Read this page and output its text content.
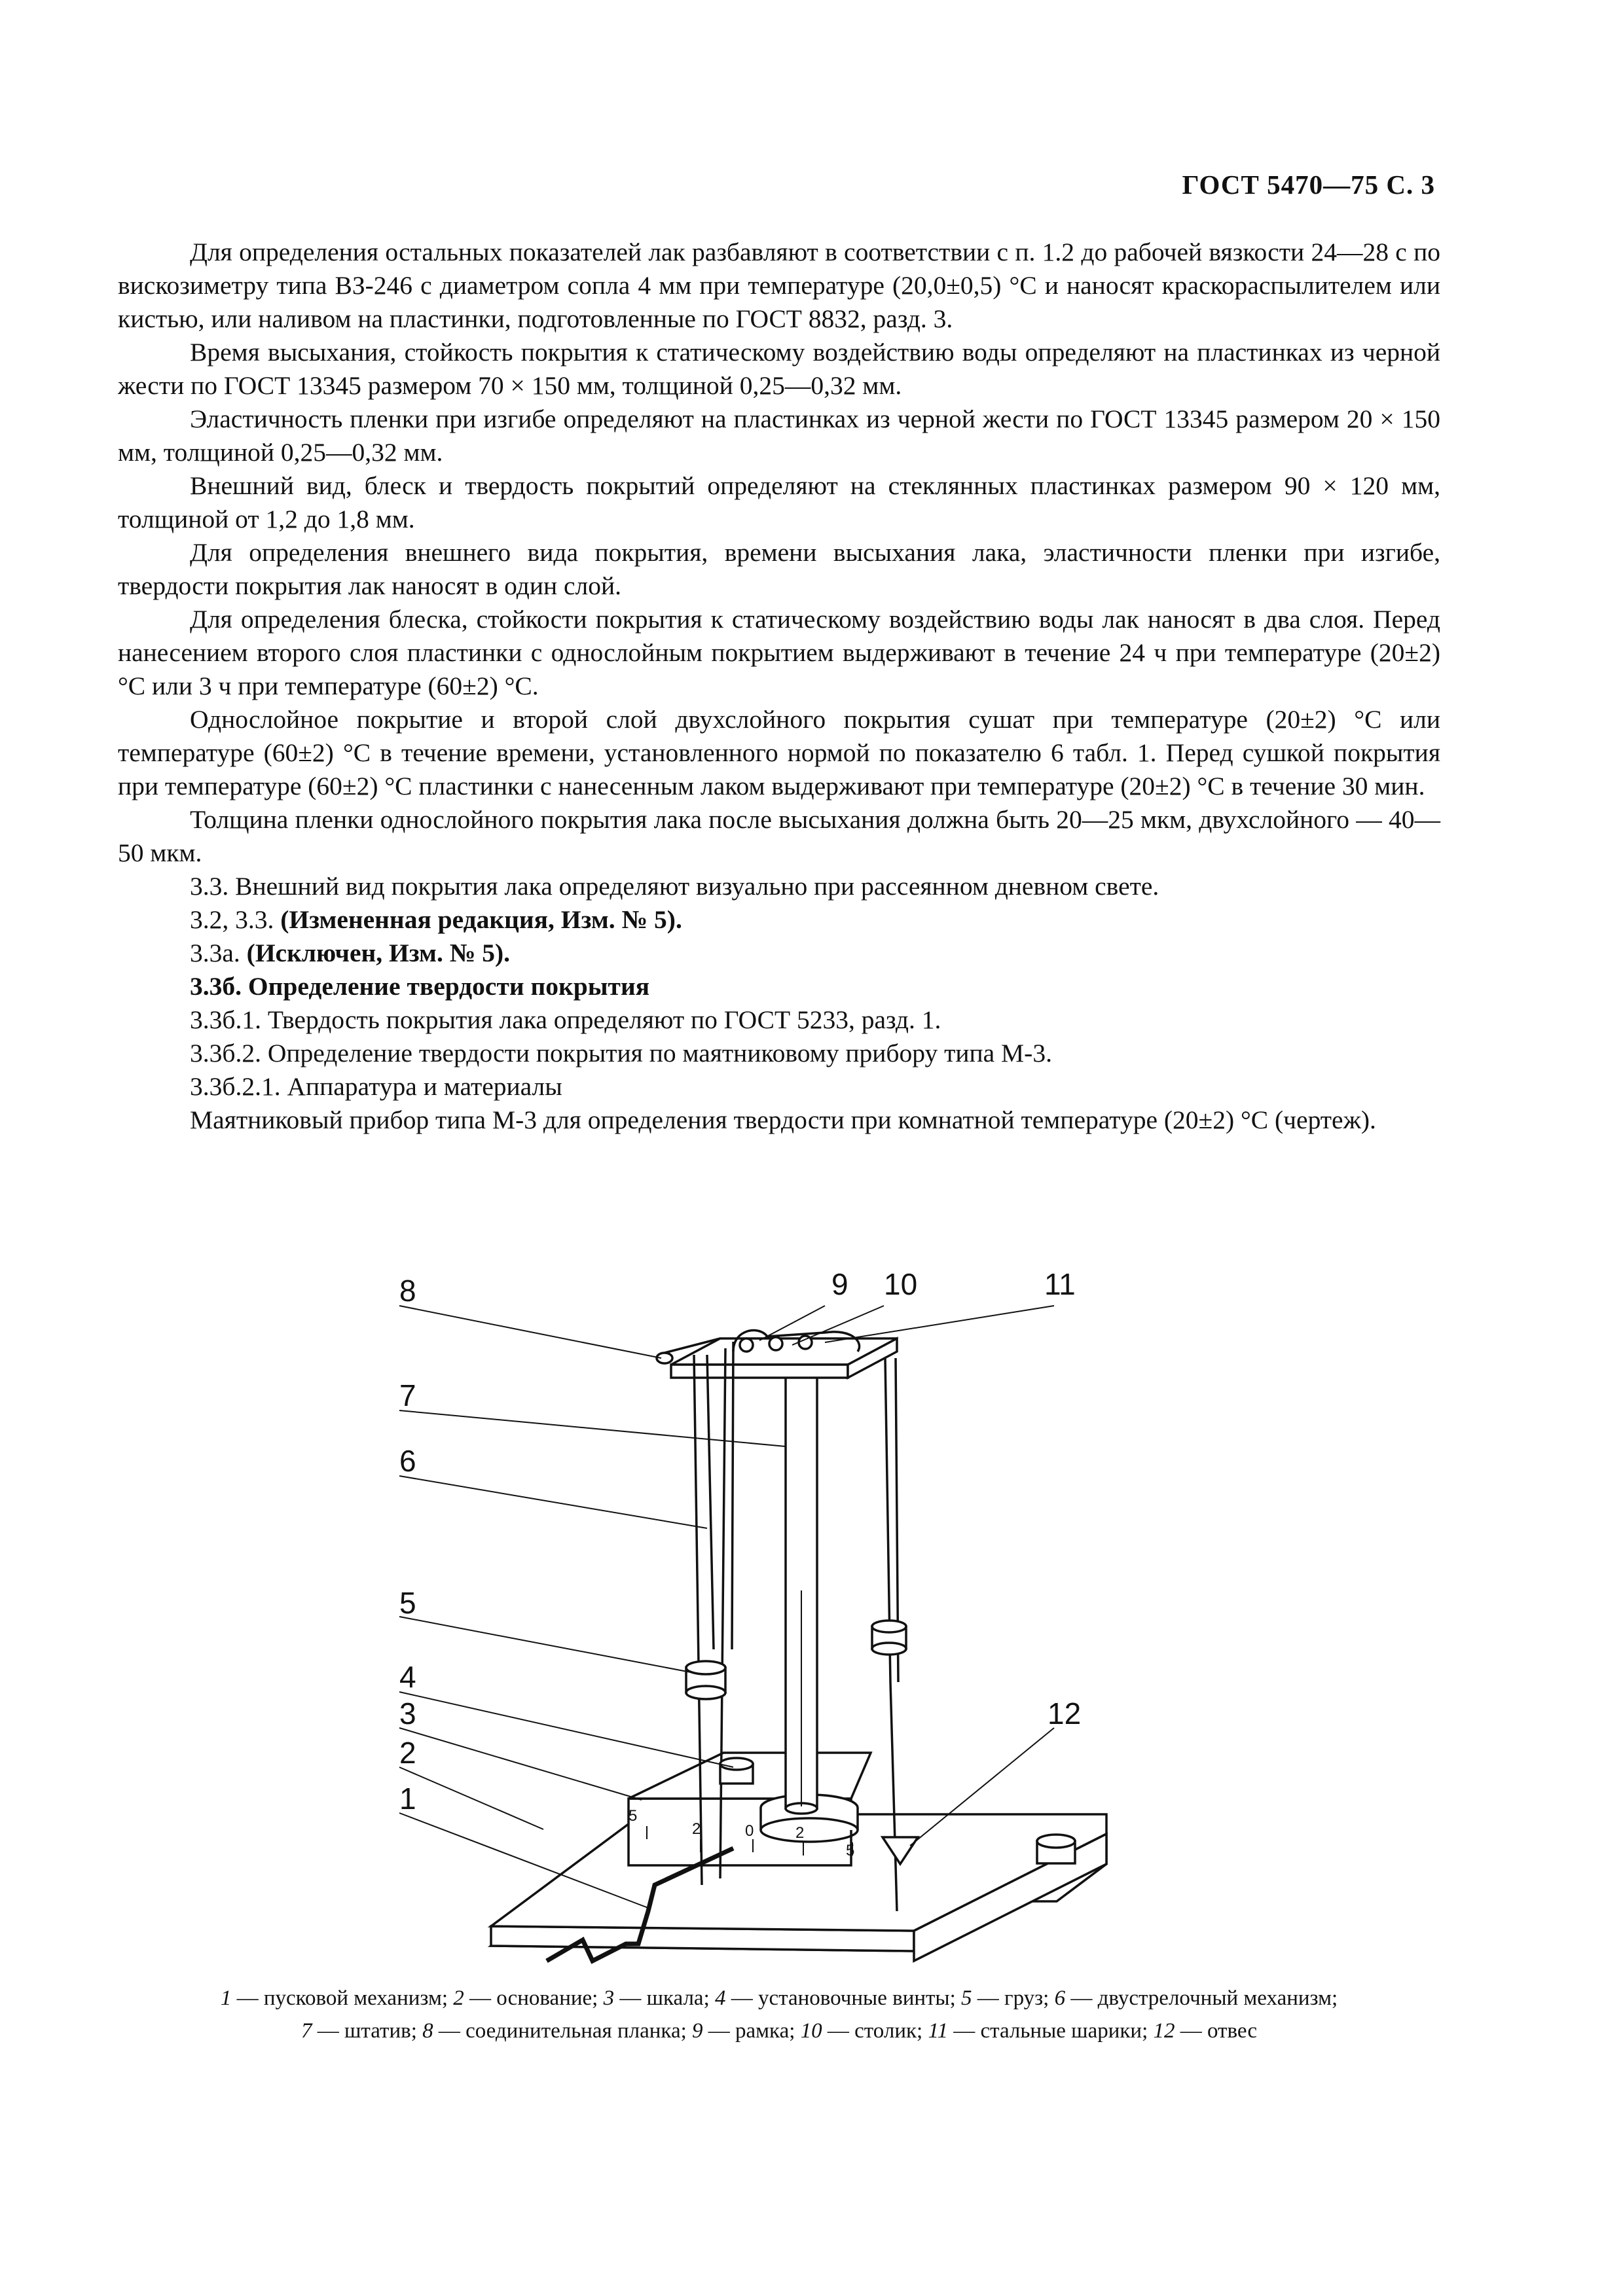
ГОСТ 5470—75 С. 3

Для определения остальных показателей лак разбавляют в соответствии с п. 1.2 до рабочей вязкости 24—28 с по вискозиметру типа ВЗ-246 с диаметром сопла 4 мм при температуре (20,0±0,5) °С и наносят краскораспылителем или кистью, или наливом на пластинки, подготовленные по ГОСТ 8832, разд. 3.

Время высыхания, стойкость покрытия к статическому воздействию воды определяют на пластинках из черной жести по ГОСТ 13345 размером 70 × 150 мм, толщиной 0,25—0,32 мм.

Эластичность пленки при изгибе определяют на пластинках из черной жести по ГОСТ 13345 размером 20 × 150 мм, толщиной 0,25—0,32 мм.

Внешний вид, блеск и твердость покрытий определяют на стеклянных пластинках размером 90 × 120 мм, толщиной от 1,2 до 1,8 мм.

Для определения внешнего вида покрытия, времени высыхания лака, эластичности пленки при изгибе, твердости покрытия лак наносят в один слой.

Для определения блеска, стойкости покрытия к статическому воздействию воды лак наносят в два слоя. Перед нанесением второго слоя пластинки с однослойным покрытием выдерживают в течение 24 ч при температуре (20±2) °С или 3 ч при температуре (60±2) °С.

Однослойное покрытие и второй слой двухслойного покрытия сушат при температуре (20±2) °С или температуре (60±2) °С в течение времени, установленного нормой по показателю 6 табл. 1. Перед сушкой покрытия при температуре (60±2) °С пластинки с нанесенным лаком выдерживают при температуре (20±2) °С в течение 30 мин.

Толщина пленки однослойного покрытия лака после высыхания должна быть 20—25 мкм, двухслойного — 40—50 мкм.

3.3. Внешний вид покрытия лака определяют визуально при рассеянном дневном свете.

3.2, 3.3. (Измененная редакция, Изм. № 5).

3.3а. (Исключен, Изм. № 5).

3.3б. Определение твердости покрытия

3.3б.1. Твердость покрытия лака определяют по ГОСТ 5233, разд. 1.

3.3б.2. Определение твердости покрытия по маятниковому прибору типа М-3.

3.3б.2.1. Аппаратура и материалы

Маятниковый прибор типа М-3 для определения твердости при комнатной температуре (20±2) °С (чертеж).

5
2	0	2
5
8	9 10	11
7
6
5
4
3
2
1
12
1 — пусковой механизм; 2 — основание; 3 — шкала; 4 — установочные винты; 5 — груз; 6 — двустрелочный механизм;
7 — штатив; 8 — соединительная планка; 9 — рамка; 10 — столик; 11 — стальные шарики; 12 — отвес
